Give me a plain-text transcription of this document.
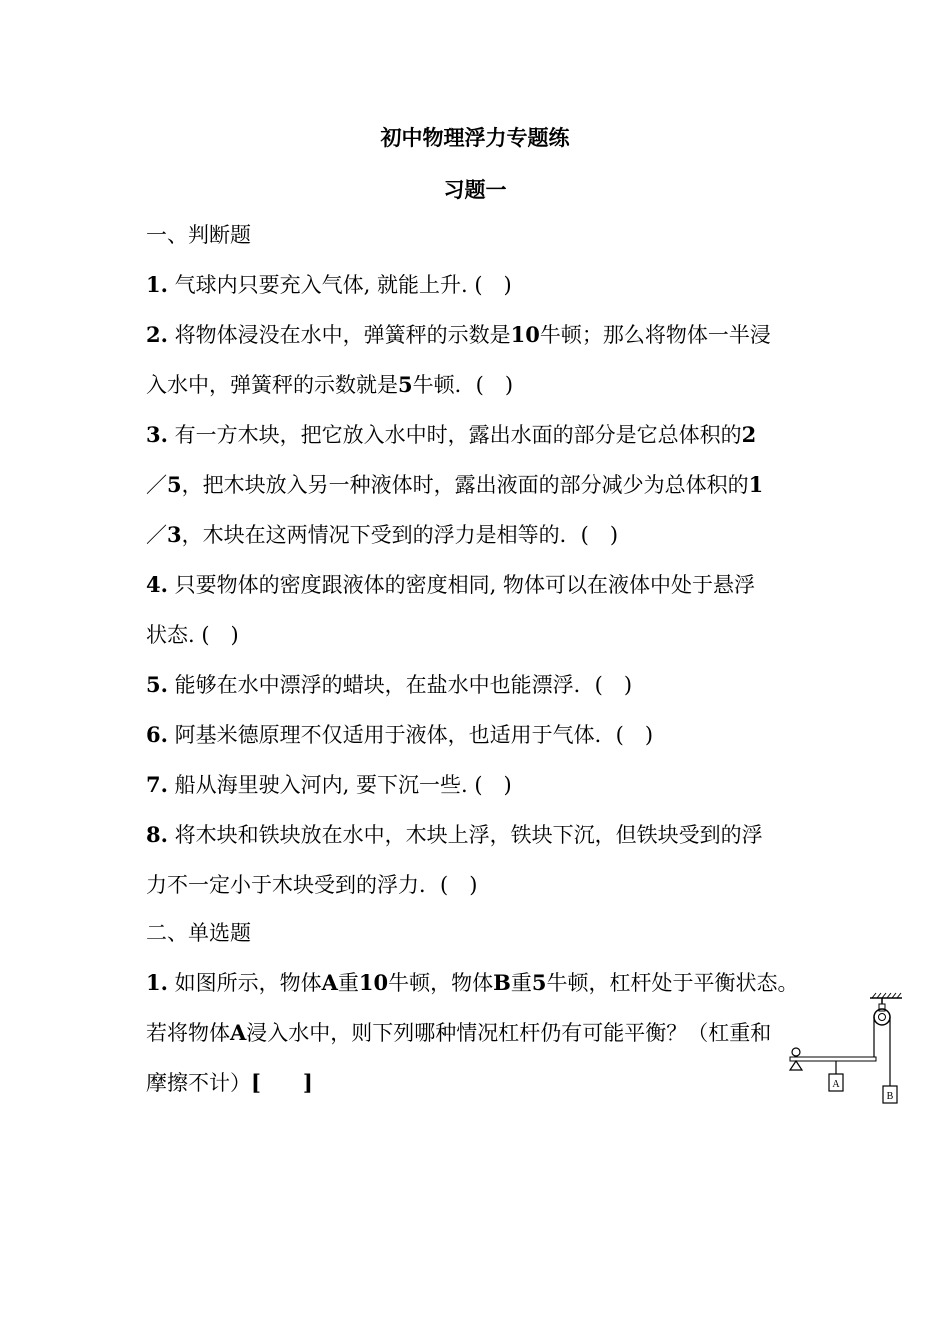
初中物理浮力专题练
习题一
一、判断题
1. 气球内只要充入气体, 就能上升. (　)
2. 将物体浸没在水中，弹簧秤的示数是10牛顿；那么将物体一半浸
入水中，弹簧秤的示数就是5牛顿．(　)
3. 有一方木块，把它放入水中时，露出水面的部分是它总体积的2
／5，把木块放入另一种液体时，露出液面的部分减少为总体积的1
／3，木块在这两情况下受到的浮力是相等的．(　)
4. 只要物体的密度跟液体的密度相同, 物体可以在液体中处于悬浮
状态. (　)
5. 能够在水中漂浮的蜡块，在盐水中也能漂浮．(　)
6. 阿基米德原理不仅适用于液体，也适用于气体．(　)
7. 船从海里驶入河内, 要下沉一些. (　)
8. 将木块和铁块放在水中，木块上浮，铁块下沉，但铁块受到的浮
力不一定小于木块受到的浮力．(　)
二、单选题
1. 如图所示，物体A重10牛顿，物体B重5牛顿，杠杆处于平衡状态。
若将物体A浸入水中，则下列哪种情况杠杆仍有可能平衡？（杠重和
摩擦不计）[　　]	A
B
